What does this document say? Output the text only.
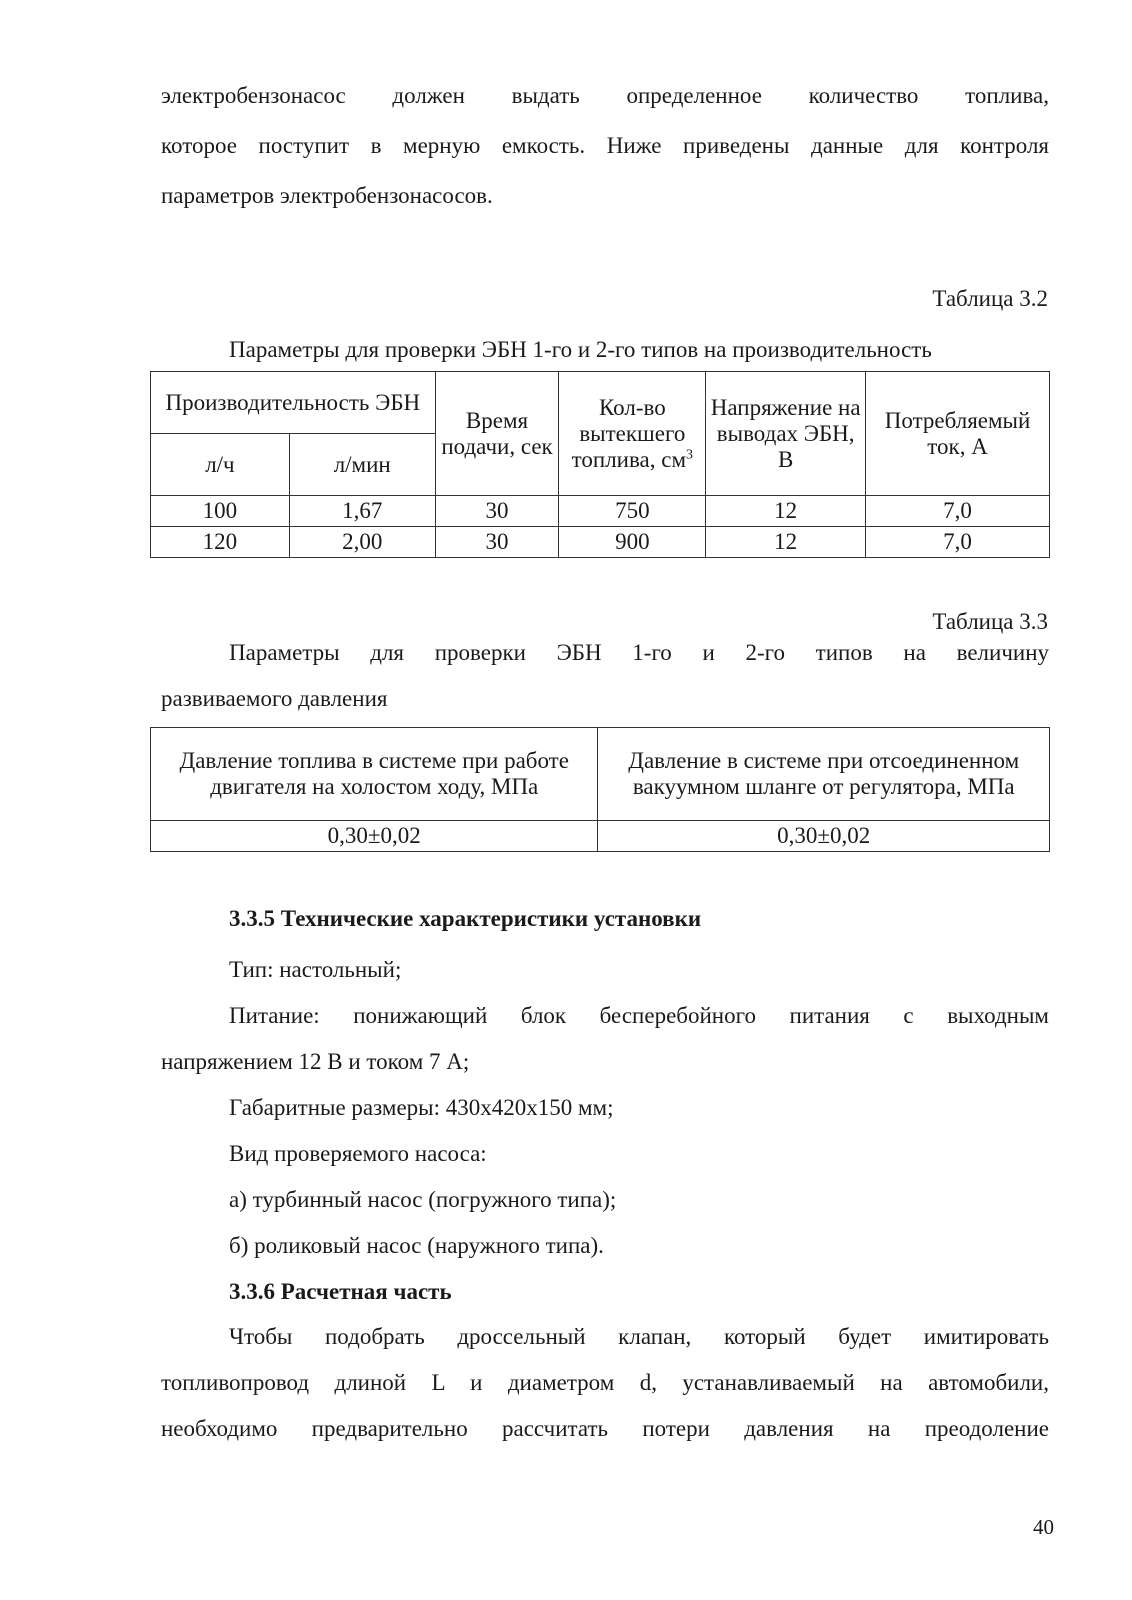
электробензонасос должен выдать определенное количество топлива,
которое поступит в мерную емкость. Ниже приведены данные для контроля
параметров электробензонасосов.
Таблица 3.2
Параметры для проверки ЭБН 1-го и 2-го типов на производительность
Производительность ЭБН		Время подачи, сек	Кол-во вытекшего топлива, $см^3$	Напряжение на выводах ЭБН, В	Потребляемый ток, А
л/ч	л/мин				
100	1,67	30	750	12	7,0
120	2,00	30	900	12	7,0
Таблица 3.3
Параметры для проверки ЭБН 1-го и 2-го типов на величину
развиваемого давления
Давление топлива в системе при работе двигателя на холостом ходу, МПа	Давление в системе при отсоединенном вакуумном шланге от регулятора, МПа
0,30±0,02	0,30±0,02
3.3.5 Технические характеристики установки
Тип: настольный;
Питание: понижающий блок бесперебойного питания с выходным
напряжением 12 В и током 7 А;
Габаритные размеры: 430х420х150 мм;
Вид проверяемого насоса:
а) турбинный насос (погружного типа);
б) роликовый насос (наружного типа).
3.3.6 Расчетная часть
Чтобы подобрать дроссельный клапан, который будет имитировать
топливопровод длиной L и диаметром d, устанавливаемый на автомобили,
необходимо предварительно рассчитать потери давления на преодоление
40
